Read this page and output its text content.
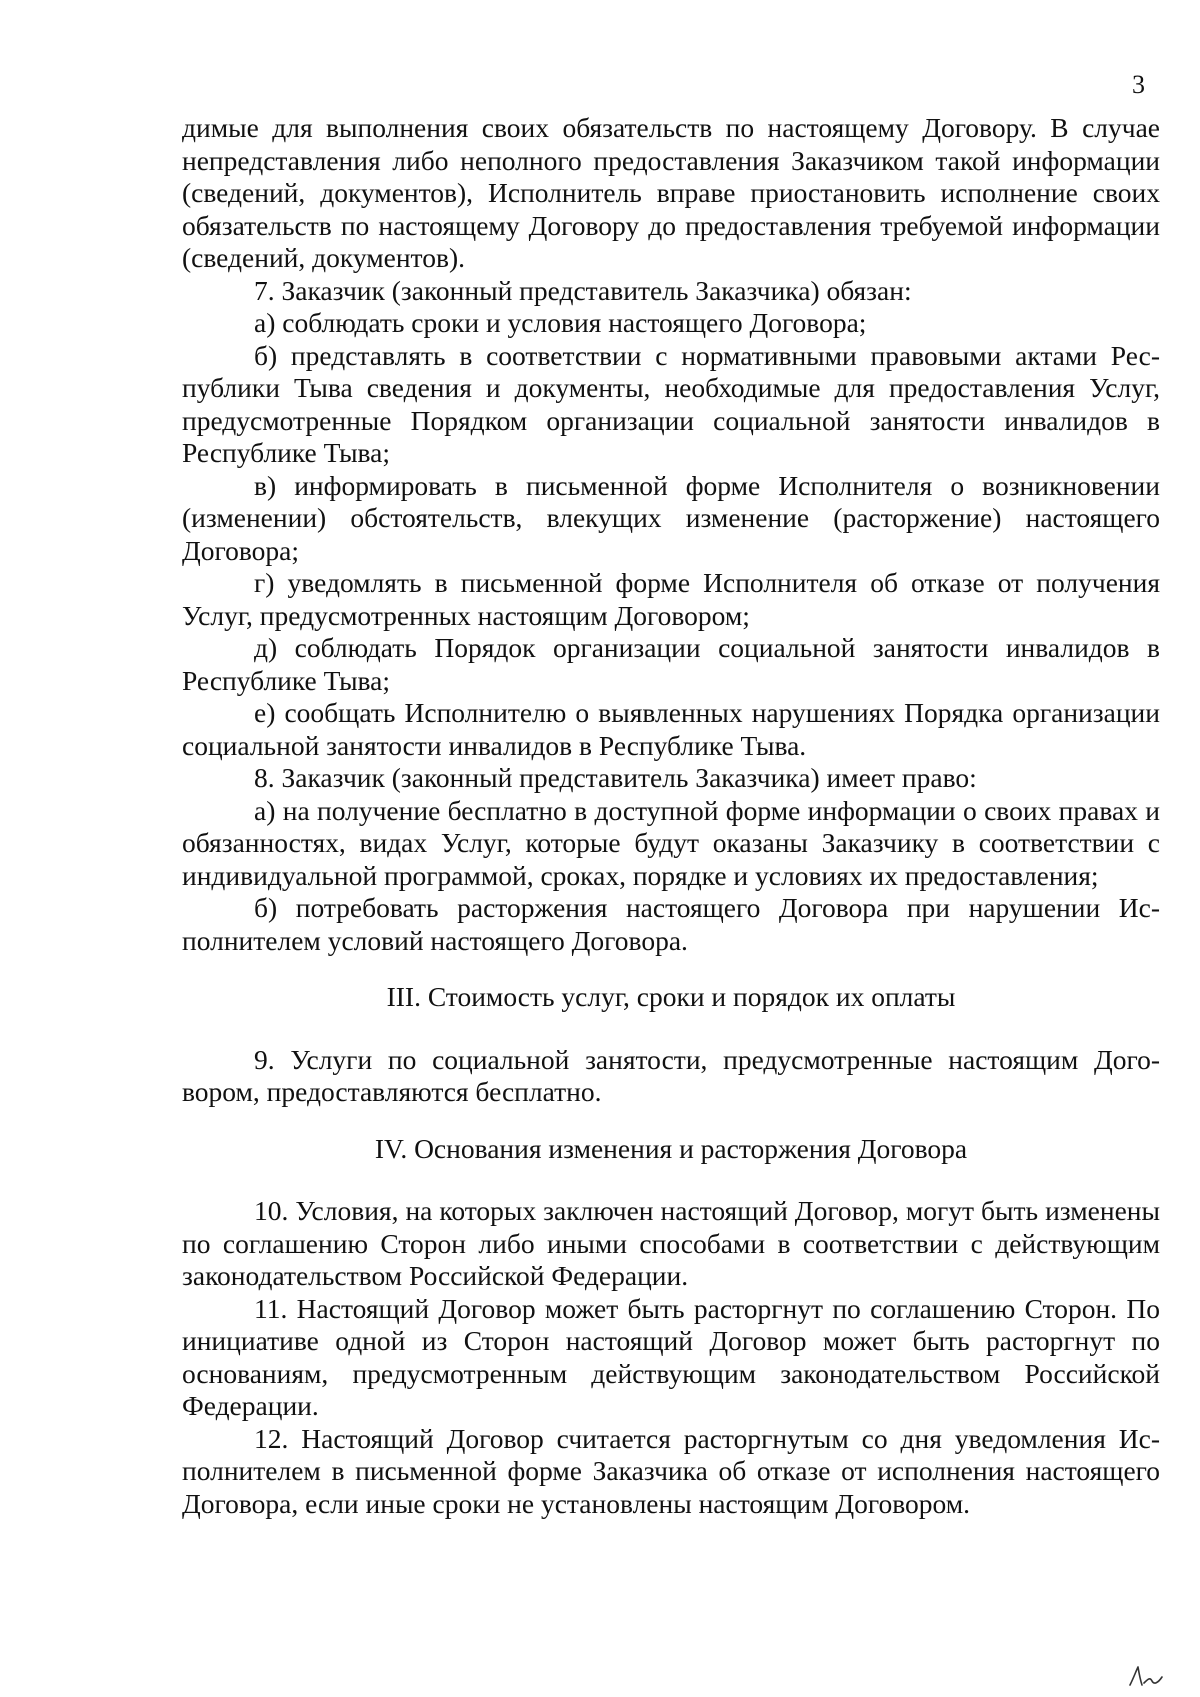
3

димые для выполнения своих обязательств по настоящему Договору. В случае непредставления либо неполного предоставления Заказчиком такой информации (сведений, документов), Исполнитель вправе приостановить исполнение своих обязательств по настоящему Договору до предоставления требуемой информации (сведений, документов).

7. Заказчик (законный представитель Заказчика) обязан:

а) соблюдать сроки и условия настоящего Договора;

б) представлять в соответствии с нормативными правовыми актами Республики Тыва сведения и документы, необходимые для предоставления Услуг, предусмотренные Порядком организации социальной занятости инвалидов в Республике Тыва;

в) информировать в письменной форме Исполнителя о возникновении (изменении) обстоятельств, влекущих изменение (расторжение) настоящего Договора;

г) уведомлять в письменной форме Исполнителя об отказе от получения Услуг, предусмотренных настоящим Договором;

д) соблюдать Порядок организации социальной занятости инвалидов в Республике Тыва;

е) сообщать Исполнителю о выявленных нарушениях Порядка организации социальной занятости инвалидов в Республике Тыва.

8. Заказчик (законный представитель Заказчика) имеет право:

а) на получение бесплатно в доступной форме информации о своих правах и обязанностях, видах Услуг, которые будут оказаны Заказчику в соответствии с индивидуальной программой, сроках, порядке и условиях их предоставления;

б) потребовать расторжения настоящего Договора при нарушении Исполнителем условий настоящего Договора.

III. Стоимость услуг, сроки и порядок их оплаты

9. Услуги по социальной занятости, предусмотренные настоящим Договором, предоставляются бесплатно.

IV. Основания изменения и расторжения Договора

10. Условия, на которых заключен настоящий Договор, могут быть изменены по соглашению Сторон либо иными способами в соответствии с действующим законодательством Российской Федерации.

11. Настоящий Договор может быть расторгнут по соглашению Сторон. По инициативе одной из Сторон настоящий Договор может быть расторгнут по основаниям, предусмотренным действующим законодательством Российской Федерации.

12. Настоящий Договор считается расторгнутым со дня уведомления Исполнителем в письменной форме Заказчика об отказе от исполнения настоящего Договора, если иные сроки не установлены настоящим Договором.
